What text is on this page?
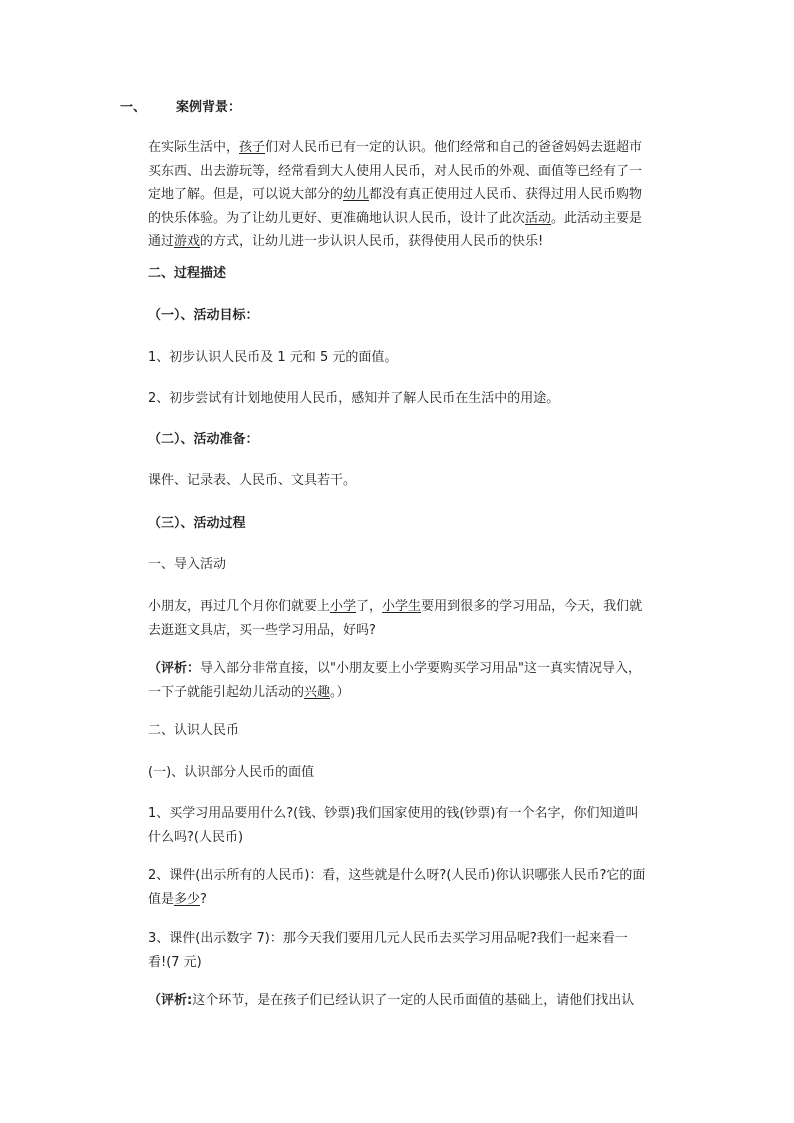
一、 案例背景：
在实际生活中，孩子们对人民币已有一定的认识。他们经常和自己的爸爸妈妈去逛超市
买东西、出去游玩等，经常看到大人使用人民币，对人民币的外观、面值等已经有了一
定地了解。但是，可以说大部分的幼儿都没有真正使用过人民币、获得过用人民币购物
的快乐体验。为了让幼儿更好、更准确地认识人民币，设计了此次活动。此活动主要是
通过游戏的方式，让幼儿进一步认识人民币，获得使用人民币的快乐!
二、过程描述
（一）、活动目标：
1、初步认识人民币及 1 元和 5 元的面值。
2、初步尝试有计划地使用人民币，感知并了解人民币在生活中的用途。
（二）、活动准备：
课件、记录表、人民币、文具若干。
（三）、活动过程
一、导入活动
小朋友，再过几个月你们就要上小学了，小学生要用到很多的学习用品，今天，我们就
去逛逛文具店，买一些学习用品，好吗?
（评析：导入部分非常直接，以"小朋友要上小学要购买学习用品"这一真实情况导入，
一下子就能引起幼儿活动的兴趣。）
二、认识人民币
(一)、认识部分人民币的面值
1、买学习用品要用什么?(钱、钞票)我们国家使用的钱(钞票)有一个名字，你们知道叫
什么吗?(人民币)
2、课件(出示所有的人民币)：看，这些就是什么呀?(人民币)你认识哪张人民币?它的面
值是多少?
3、课件(出示数字 7)：那今天我们要用几元人民币去买学习用品呢?我们一起来看一
看!(7 元)
（评析:这个环节，是在孩子们已经认识了一定的人民币面值的基础上，请他们找出认
